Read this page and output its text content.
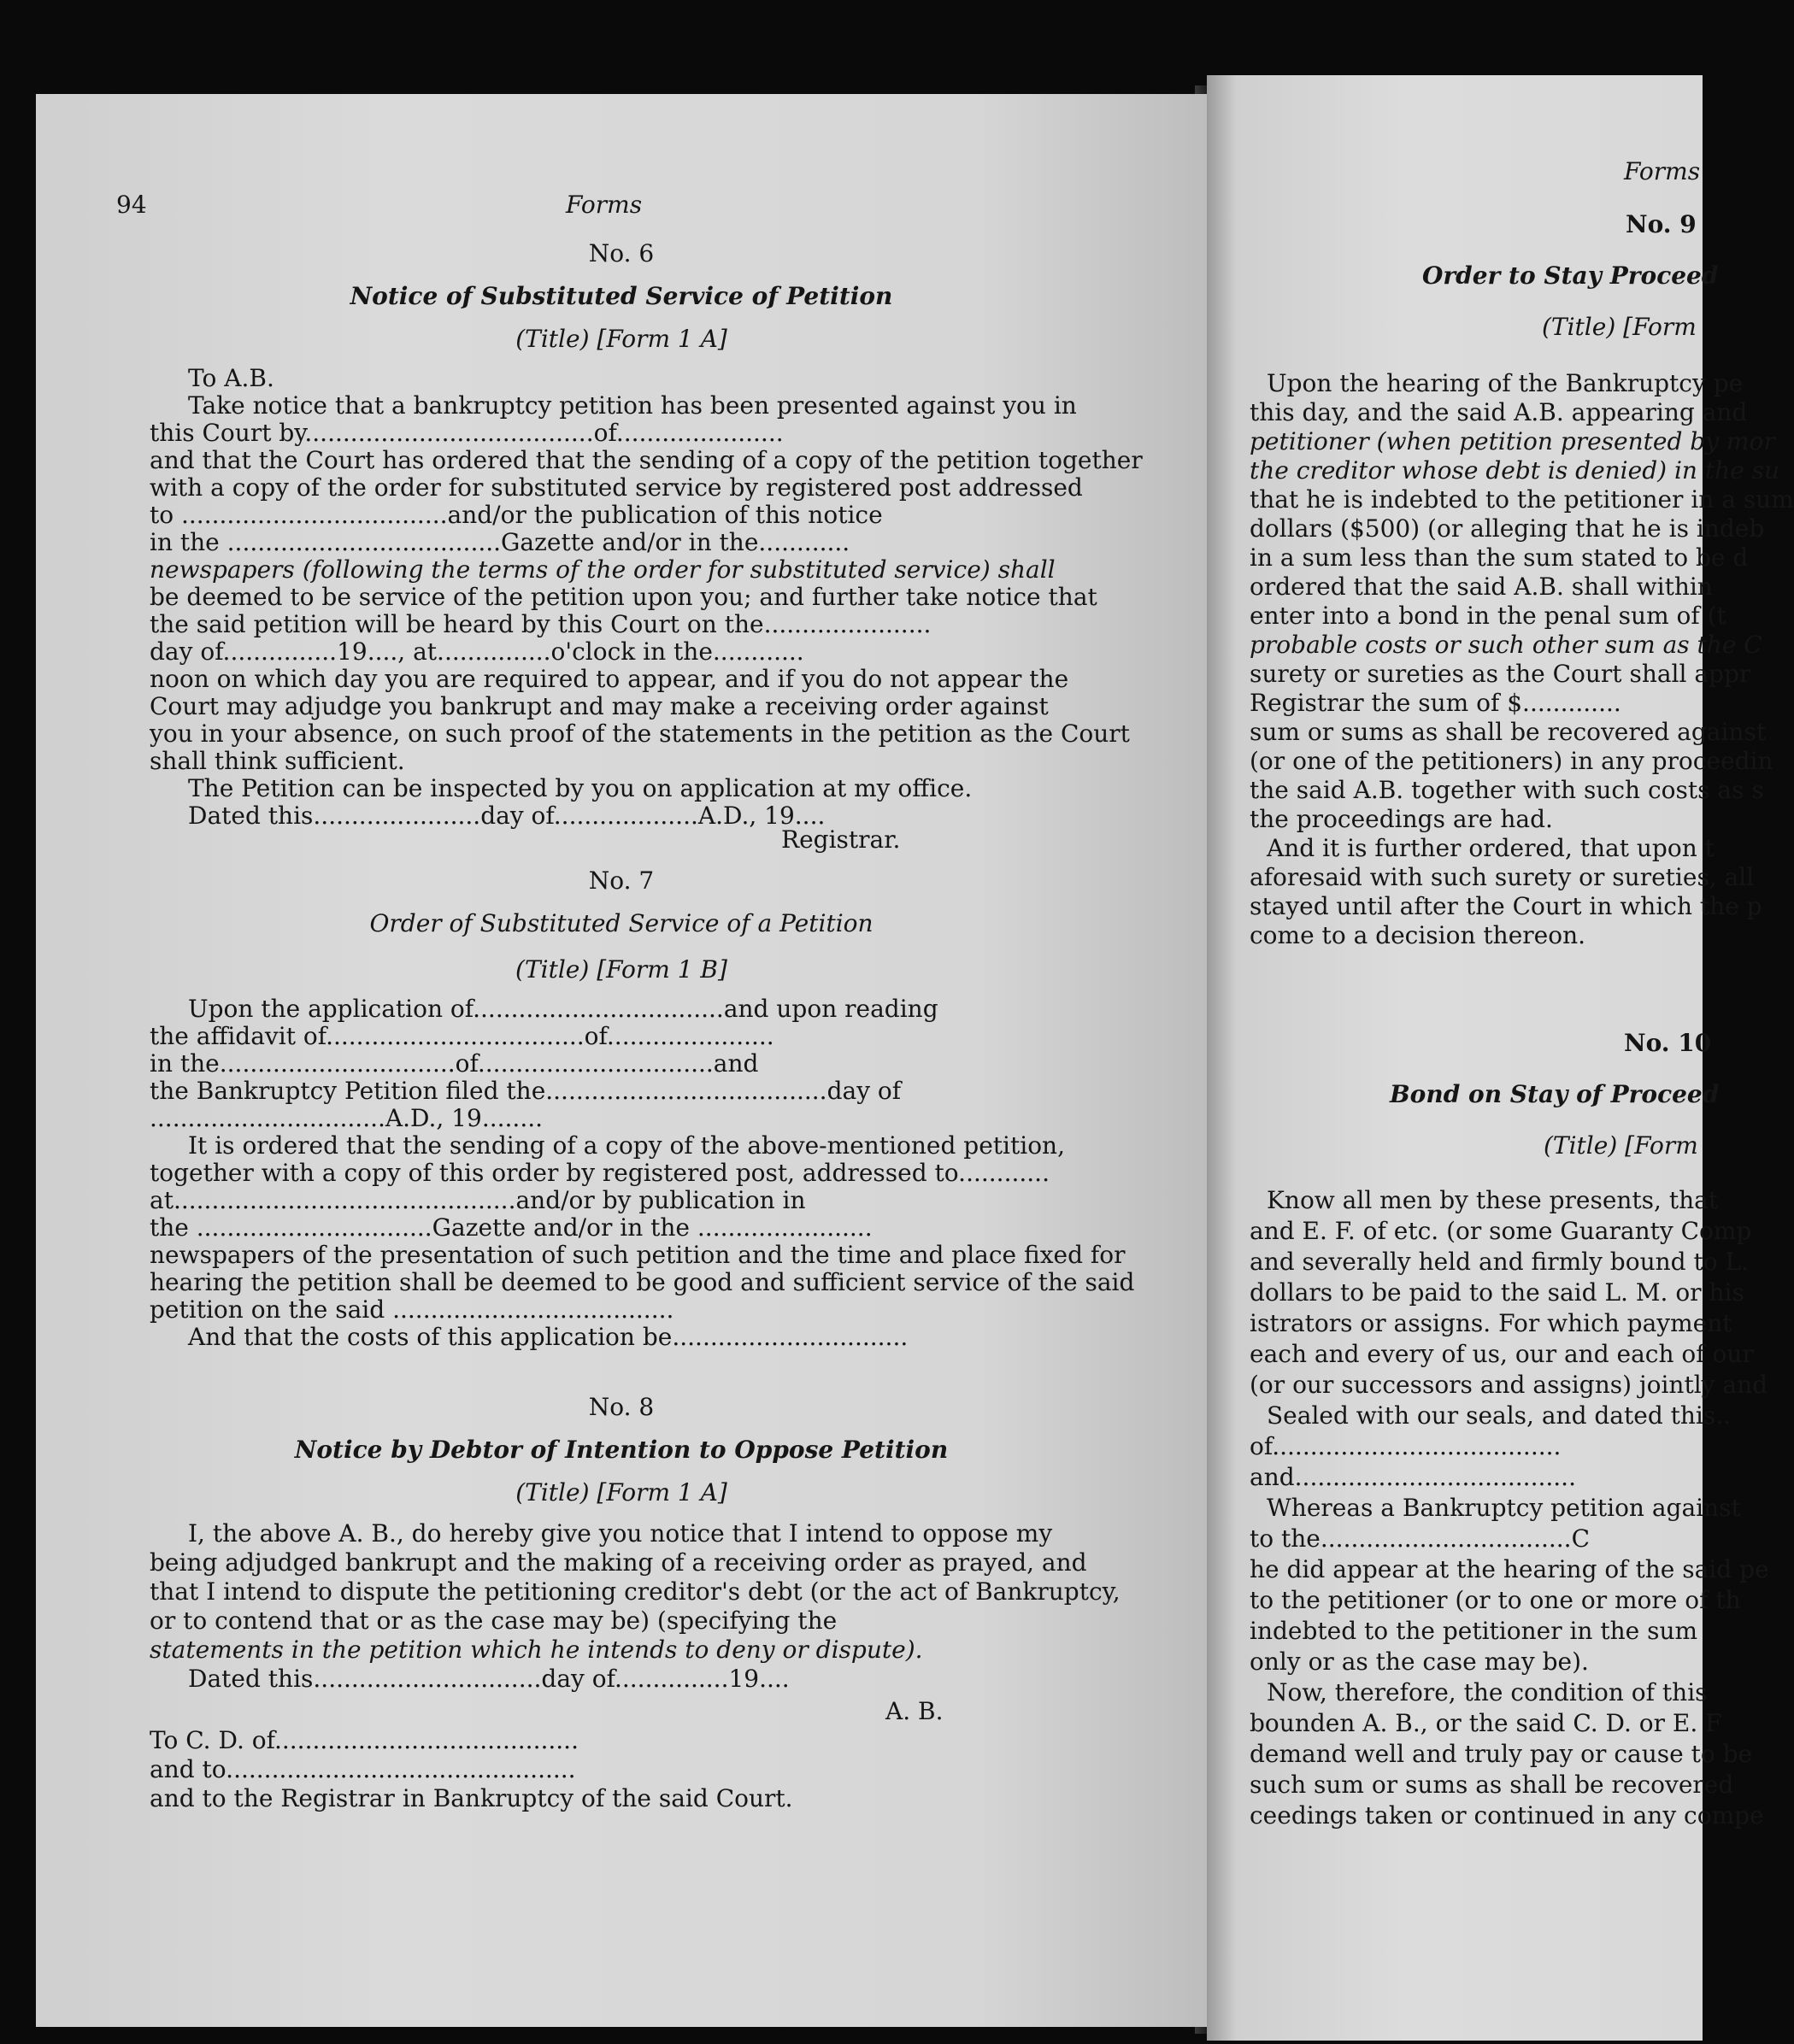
94	Forms
No. 6
Notice of Substituted Service of Petition
(Title) [Form 1 A]
To A.B.
Take notice that a bankruptcy petition has been presented against you in
this Court by......................................of......................
and that the Court has ordered that the sending of a copy of the petition together
with a copy of the order for substituted service by registered post addressed
to ...................................and/or the publication of this notice
in the ....................................Gazette and/or in the............
newspapers (following the terms of the order for substituted service) shall
be deemed to be service of the petition upon you; and further take notice that
the said petition will be heard by this Court on the......................
day of...............19...., at...............o'clock in the............
noon on which day you are required to appear, and if you do not appear the
Court may adjudge you bankrupt and may make a receiving order against
you in your absence, on such proof of the statements in the petition as the Court
shall think sufficient.
The Petition can be inspected by you on application at my office.
Dated this......................day of...................A.D., 19....
Registrar.
No. 7
Order of Substituted Service of a Petition
(Title) [Form 1 B]
Upon the application of.................................and upon reading
the affidavit of..................................of......................
in the...............................of...............................and
the Bankruptcy Petition filed the.....................................day of
...............................A.D., 19........
It is ordered that the sending of a copy of the above-mentioned petition,
together with a copy of this order by registered post, addressed to............
at.............................................and/or by publication in
the ...............................Gazette and/or in the .......................
newspapers of the presentation of such petition and the time and place fixed for
hearing the petition shall be deemed to be good and sufficient service of the said
petition on the said .....................................
And that the costs of this application be...............................
No. 8
Notice by Debtor of Intention to Oppose Petition
(Title) [Form 1 A]
I, the above A. B., do hereby give you notice that I intend to oppose my
being adjudged bankrupt and the making of a receiving order as prayed, and
that I intend to dispute the petitioning creditor's debt (or the act of Bankruptcy,
or to contend that or as the case may be) (specifying the
statements in the petition which he intends to deny or dispute).
Dated this..............................day of...............19....
A. B.
To C. D. of........................................
and to..............................................
and to the Registrar in Bankruptcy of the said Court.
Forms
No. 9
Order to Stay Proceed
(Title) [Form
Upon the hearing of the Bankruptcy pe
this day, and the said A.B. appearing and
petitioner (when petition presented by mor
the creditor whose debt is denied) in the su
that he is indebted to the petitioner in a sum
dollars ($500) (or alleging that he is indeb
in a sum less than the sum stated to be d
ordered that the said A.B. shall within
enter into a bond in the penal sum of (t
probable costs or such other sum as the C
surety or sureties as the Court shall appr
Registrar the sum of $.............
sum or sums as shall be recovered against
(or one of the petitioners) in any proceedin
the said A.B. together with such costs as s
the proceedings are had.
And it is further ordered, that upon t
aforesaid with such surety or sureties, all
stayed until after the Court in which the p
come to a decision thereon.
No. 10
Bond on Stay of Proceed
(Title) [Form
Know all men by these presents, that
and E. F. of etc. (or some Guaranty Comp
and severally held and firmly bound to L.
dollars to be paid to the said L. M. or his
istrators or assigns. For which payment
each and every of us, our and each of our
(or our successors and assigns) jointly and
Sealed with our seals, and dated this..
of......................................
and.....................................
Whereas a Bankruptcy petition against
to the.................................C
he did appear at the hearing of the said pe
to the petitioner (or to one or more of th
indebted to the petitioner in the sum
only or as the case may be).
Now, therefore, the condition of this
bounden A. B., or the said C. D. or E. F
demand well and truly pay or cause to be
such sum or sums as shall be recovered
ceedings taken or continued in any compe
